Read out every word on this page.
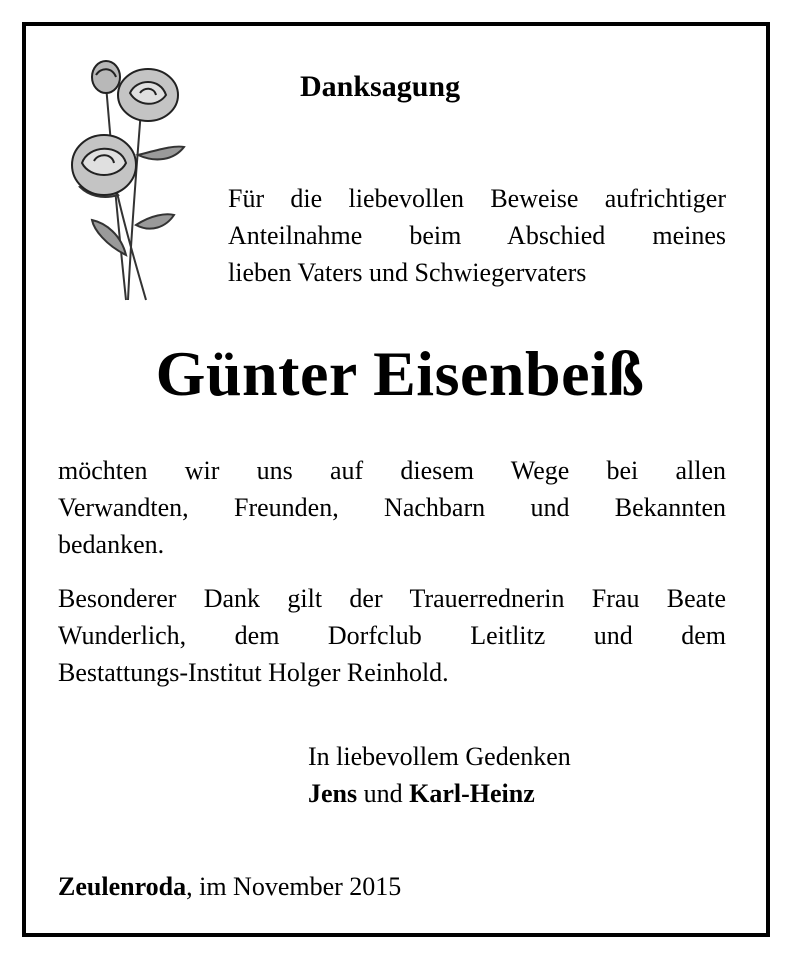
Danksagung
Für die liebevollen Beweise aufrichtiger
Anteilnahme beim Abschied meines
lieben Vaters und Schwiegervaters
Günter Eisenbeiß
möchten wir uns auf diesem Wege bei allen
Verwandten, Freunden, Nachbarn und Bekannten
bedanken.
Besonderer Dank gilt der Trauerrednerin Frau Beate
Wunderlich, dem Dorfclub Leitlitz und dem
Bestattungs-Institut Holger Reinhold.
In liebevollem Gedenken
Jens und Karl-Heinz
Zeulenroda, im November 2015
